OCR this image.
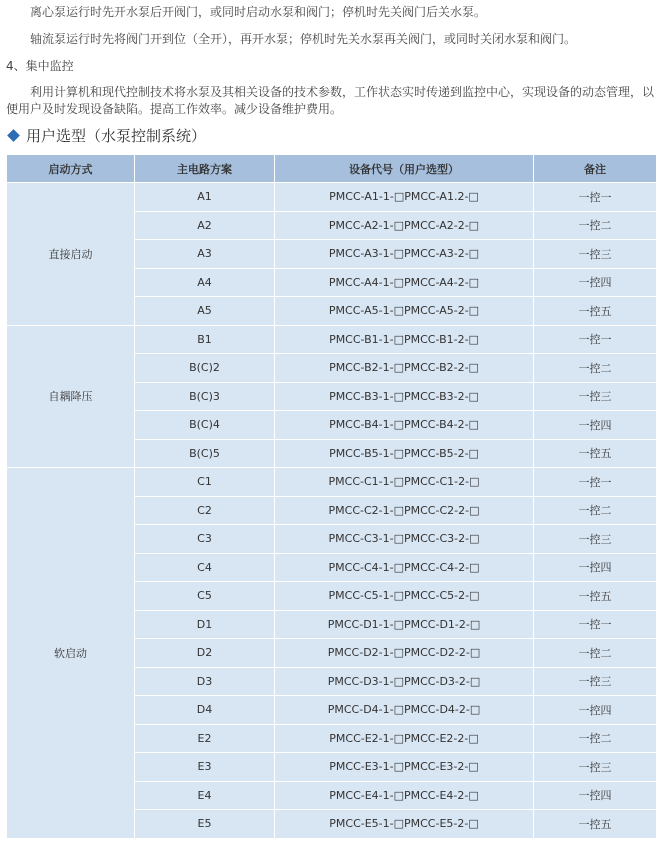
离心泵运行时先开水泵后开阀门，或同时启动水泵和阀门；停机时先关阀门后关水泵。
轴流泵运行时先将阀门开到位（全开），再开水泵；停机时先关水泵再关阀门，或同时关闭水泵和阀门。
4、集中监控
利用计算机和现代控制技术将水泵及其相关设备的技术参数，工作状态实时传递到监控中心，实现设备的动态管理，以便用户及时发现设备缺陷。提高工作效率。减少设备维护费用。
用户选型（水泵控制系统）
启动方式	主电路方案	设备代号（用户选型）	备注
直接启动	A1	PMCC-A1-1-□PMCC-A1.2-□	一控一
	A2	PMCC-A2-1-□PMCC-A2-2-□	一控二
	A3	PMCC-A3-1-□PMCC-A3-2-□	一控三
	A4	PMCC-A4-1-□PMCC-A4-2-□	一控四
	A5	PMCC-A5-1-□PMCC-A5-2-□	一控五
自耦降压	B1	PMCC-B1-1-□PMCC-B1-2-□	一控一
	B(C)2	PMCC-B2-1-□PMCC-B2-2-□	一控二
	B(C)3	PMCC-B3-1-□PMCC-B3-2-□	一控三
	B(C)4	PMCC-B4-1-□PMCC-B4-2-□	一控四
	B(C)5	PMCC-B5-1-□PMCC-B5-2-□	一控五
软启动	C1	PMCC-C1-1-□PMCC-C1-2-□	一控一
	C2	PMCC-C2-1-□PMCC-C2-2-□	一控二
	C3	PMCC-C3-1-□PMCC-C3-2-□	一控三
	C4	PMCC-C4-1-□PMCC-C4-2-□	一控四
	C5	PMCC-C5-1-□PMCC-C5-2-□	一控五
	D1	PMCC-D1-1-□PMCC-D1-2-□	一控一
	D2	PMCC-D2-1-□PMCC-D2-2-□	一控二
	D3	PMCC-D3-1-□PMCC-D3-2-□	一控三
	D4	PMCC-D4-1-□PMCC-D4-2-□	一控四
	E2	PMCC-E2-1-□PMCC-E2-2-□	一控二
	E3	PMCC-E3-1-□PMCC-E3-2-□	一控三
	E4	PMCC-E4-1-□PMCC-E4-2-□	一控四
	E5	PMCC-E5-1-□PMCC-E5-2-□	一控五
